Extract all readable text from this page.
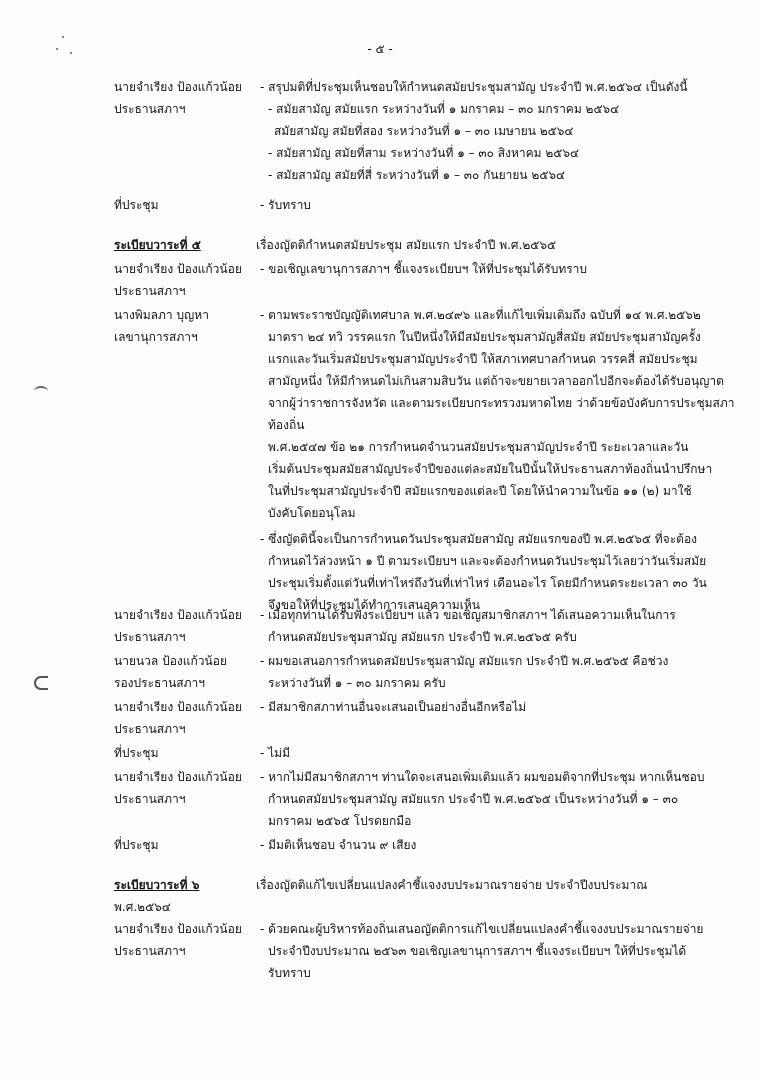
- ๕ -
นายจำเรียง ป้องแก้วน้อย
ประธานสภาฯ
- สรุปมติที่ประชุมเห็นชอบให้กำหนดสมัยประชุมสามัญ ประจำปี พ.ศ.๒๕๖๔ เป็นดังนี้
- สมัยสามัญ สมัยแรก ระหว่างวันที่ ๑ มกราคม – ๓๐ มกราคม ๒๕๖๔
สมัยสามัญ สมัยที่สอง ระหว่างวันที่ ๑ – ๓๐ เมษายน ๒๕๖๔
- สมัยสามัญ สมัยที่สาม ระหว่างวันที่ ๑ – ๓๐ สิงหาคม ๒๕๖๔
- สมัยสามัญ สมัยที่สี่ ระหว่างวันที่ ๑ – ๓๐ กันยายน ๒๕๖๔
ที่ประชุม	- รับทราบ
ระเบียบวาระที่ ๕	เรื่องญัตติกำหนดสมัยประชุม สมัยแรก ประจำปี พ.ศ.๒๕๖๕
นายจำเรียง ป้องแก้วน้อย
ประธานสภาฯ
- ขอเชิญเลขานุการสภาฯ ชี้แจงระเบียบฯ ให้ที่ประชุมได้รับทราบ
นางพิมลภา บุญหา
เลขานุการสภาฯ
- ตามพระราชบัญญัติเทศบาล พ.ศ.๒๔๙๖ และที่แก้ไขเพิ่มเติมถึง ฉบับที่ ๑๔ พ.ศ.๒๕๖๒
มาตรา ๒๔ ทวิ วรรคแรก ในปีหนึ่งให้มีสมัยประชุมสามัญสี่สมัย สมัยประชุมสามัญครั้ง
แรกและวันเริ่มสมัยประชุมสามัญประจำปี ให้สภาเทศบาลกำหนด วรรคสี่ สมัยประชุม
สามัญหนึ่ง ให้มีกำหนดไม่เกินสามสิบวัน แต่ถ้าจะขยายเวลาออกไปอีกจะต้องได้รับอนุญาต
จากผู้ว่าราชการจังหวัด และตามระเบียบกระทรวงมหาดไทย ว่าด้วยข้อบังคับการประชุมสภาท้องถิ่น
พ.ศ.๒๕๔๗ ข้อ ๒๑ การกำหนดจำนวนสมัยประชุมสามัญประจำปี ระยะเวลาและวัน
เริ่มต้นประชุมสมัยสามัญประจำปีของแต่ละสมัยในปีนั้นให้ประธานสภาท้องถิ่นนำปรึกษา
ในที่ประชุมสามัญประจำปี สมัยแรกของแต่ละปี โดยให้นำความในข้อ ๑๑ (๒) มาใช้
บังคับโดยอนุโลม
- ซึ่งญัตตินี้จะเป็นการกำหนดวันประชุมสมัยสามัญ สมัยแรกของปี พ.ศ.๒๕๖๕ ที่จะต้อง
กำหนดไว้ล่วงหน้า ๑ ปี ตามระเบียบฯ และจะต้องกำหนดวันประชุมไว้เลยว่าวันเริ่มสมัย
ประชุมเริ่มตั้งแต่วันที่เท่าไหร่ถึงวันที่เท่าไหร่ เดือนอะไร โดยมีกำหนดระยะเวลา ๓๐ วัน
จึงขอให้ที่ประชุมได้ทำการเสนอความเห็น
นายจำเรียง ป้องแก้วน้อย
ประธานสภาฯ
- เมื่อทุกท่านได้รับฟังระเบียบฯ แล้ว ขอเชิญสมาชิกสภาฯ ได้เสนอความเห็นในการ
กำหนดสมัยประชุมสามัญ สมัยแรก ประจำปี พ.ศ.๒๕๖๕ ครับ
นายนวล ป้องแก้วน้อย
รองประธานสภาฯ
- ผมขอเสนอการกำหนดสมัยประชุมสามัญ สมัยแรก ประจำปี พ.ศ.๒๕๖๕ คือช่วง
ระหว่างวันที่ ๑ – ๓๐ มกราคม ครับ
นายจำเรียง ป้องแก้วน้อย
ประธานสภาฯ
- มีสมาชิกสภาท่านอื่นจะเสนอเป็นอย่างอื่นอีกหรือไม่
ที่ประชุม	- ไม่มี
นายจำเรียง ป้องแก้วน้อย
ประธานสภาฯ
- หากไม่มีสมาชิกสภาฯ ท่านใดจะเสนอเพิ่มเติมแล้ว ผมขอมติจากที่ประชุม หากเห็นชอบ
กำหนดสมัยประชุมสามัญ สมัยแรก ประจำปี พ.ศ.๒๕๖๕ เป็นระหว่างวันที่ ๑ – ๓๐
มกราคม ๒๕๖๕ โปรดยกมือ
ที่ประชุม	- มีมติเห็นชอบ จำนวน ๙ เสียง
ระเบียบวาระที่ ๖	เรื่องญัตติแก้ไขเปลี่ยนแปลงคำชี้แจงงบประมาณรายจ่าย ประจำปีงบประมาณ
พ.ศ.๒๕๖๔
นายจำเรียง ป้องแก้วน้อย
ประธานสภาฯ
- ด้วยคณะผู้บริหารท้องถิ่นเสนอญัตติการแก้ไขเปลี่ยนแปลงคำชี้แจงงบประมาณรายจ่าย
ประจำปีงบประมาณ ๒๕๖๓ ขอเชิญเลขานุการสภาฯ ชี้แจงระเบียบฯ ให้ที่ประชุมได้
รับทราบ
